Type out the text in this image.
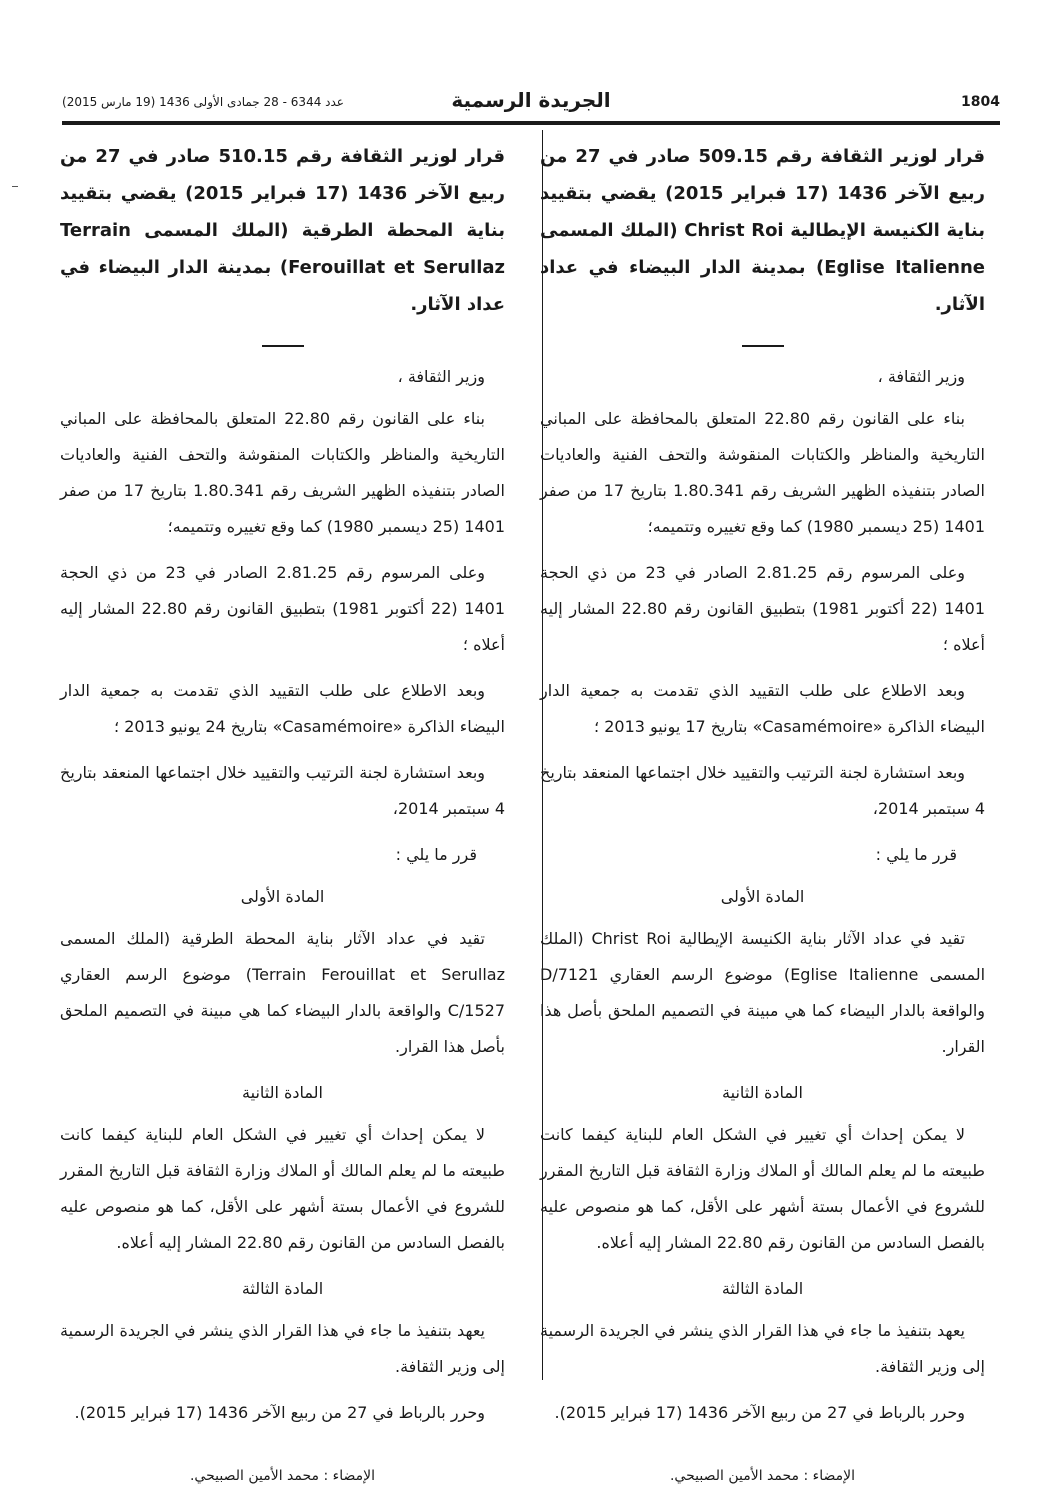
1804
الجريدة الرسمية
عدد 6344 - 28 جمادى الأولى 1436 (19 مارس 2015)

قرار لوزير الثقافة رقم 509.15 صادر في 27 من ربيع الآخر 1436 (17 فبراير 2015) يقضي بتقييد بناية الكنيسة الإيطالية Christ Roi (الملك المسمى Eglise Italienne) بمدينة الدار البيضاء في عداد الآثار.

وزير الثقافة ،

بناء على القانون رقم 22.80 المتعلق بالمحافظة على المباني التاريخية والمناظر والكتابات المنقوشة والتحف الفنية والعاديات الصادر بتنفيذه الظهير الشريف رقم 1.80.341 بتاريخ 17 من صفر 1401 (25 ديسمبر 1980) كما وقع تغييره وتتميمه؛

وعلى المرسوم رقم 2.81.25 الصادر في 23 من ذي الحجة 1401 (22 أكتوبر 1981) بتطبيق القانون رقم 22.80 المشار إليه أعلاه ؛

وبعد الاطلاع على طلب التقييد الذي تقدمت به جمعية الدار البيضاء الذاكرة «Casamémoire» بتاريخ 17 يونيو 2013 ؛

وبعد استشارة لجنة الترتيب والتقييد خلال اجتماعها المنعقد بتاريخ 4 سبتمبر 2014،

قرر ما يلي :

المادة الأولى

تقيد في عداد الآثار بناية الكنيسة الإيطالية Christ Roi (الملك المسمى Eglise Italienne) موضوع الرسم العقاري D/7121 والواقعة بالدار البيضاء كما هي مبينة في التصميم الملحق بأصل هذا القرار.

المادة الثانية

لا يمكن إحداث أي تغيير في الشكل العام للبناية كيفما كانت طبيعته ما لم يعلم المالك أو الملاك وزارة الثقافة قبل التاريخ المقرر للشروع في الأعمال بستة أشهر على الأقل، كما هو منصوص عليه بالفصل السادس من القانون رقم 22.80 المشار إليه أعلاه.

المادة الثالثة

يعهد بتنفيذ ما جاء في هذا القرار الذي ينشر في الجريدة الرسمية إلى وزير الثقافة.

وحرر بالرباط في 27 من ربيع الآخر 1436 (17 فبراير 2015).

الإمضاء : محمد الأمين الصبيحي.

قرار لوزير الثقافة رقم 510.15 صادر في 27 من ربيع الآخر 1436 (17 فبراير 2015) يقضي بتقييد بناية المحطة الطرقية (الملك المسمى Terrain Ferouillat et Serullaz) بمدينة الدار البيضاء في عداد الآثار.

وزير الثقافة ،

بناء على القانون رقم 22.80 المتعلق بالمحافظة على المباني التاريخية والمناظر والكتابات المنقوشة والتحف الفنية والعاديات الصادر بتنفيذه الظهير الشريف رقم 1.80.341 بتاريخ 17 من صفر 1401 (25 ديسمبر 1980) كما وقع تغييره وتتميمه؛

وعلى المرسوم رقم 2.81.25 الصادر في 23 من ذي الحجة 1401 (22 أكتوبر 1981) بتطبيق القانون رقم 22.80 المشار إليه أعلاه ؛

وبعد الاطلاع على طلب التقييد الذي تقدمت به جمعية الدار البيضاء الذاكرة «Casamémoire» بتاريخ 24 يونيو 2013 ؛

وبعد استشارة لجنة الترتيب والتقييد خلال اجتماعها المنعقد بتاريخ 4 سبتمبر 2014،

قرر ما يلي :

المادة الأولى

تقيد في عداد الآثار بناية المحطة الطرقية (الملك المسمى Terrain Ferouillat et Serullaz) موضوع الرسم العقاري C/1527 والواقعة بالدار البيضاء كما هي مبينة في التصميم الملحق بأصل هذا القرار.

المادة الثانية

لا يمكن إحداث أي تغيير في الشكل العام للبناية كيفما كانت طبيعته ما لم يعلم المالك أو الملاك وزارة الثقافة قبل التاريخ المقرر للشروع في الأعمال بستة أشهر على الأقل، كما هو منصوص عليه بالفصل السادس من القانون رقم 22.80 المشار إليه أعلاه.

المادة الثالثة

يعهد بتنفيذ ما جاء في هذا القرار الذي ينشر في الجريدة الرسمية إلى وزير الثقافة.

وحرر بالرباط في 27 من ربيع الآخر 1436 (17 فبراير 2015).

الإمضاء : محمد الأمين الصبيحي.
